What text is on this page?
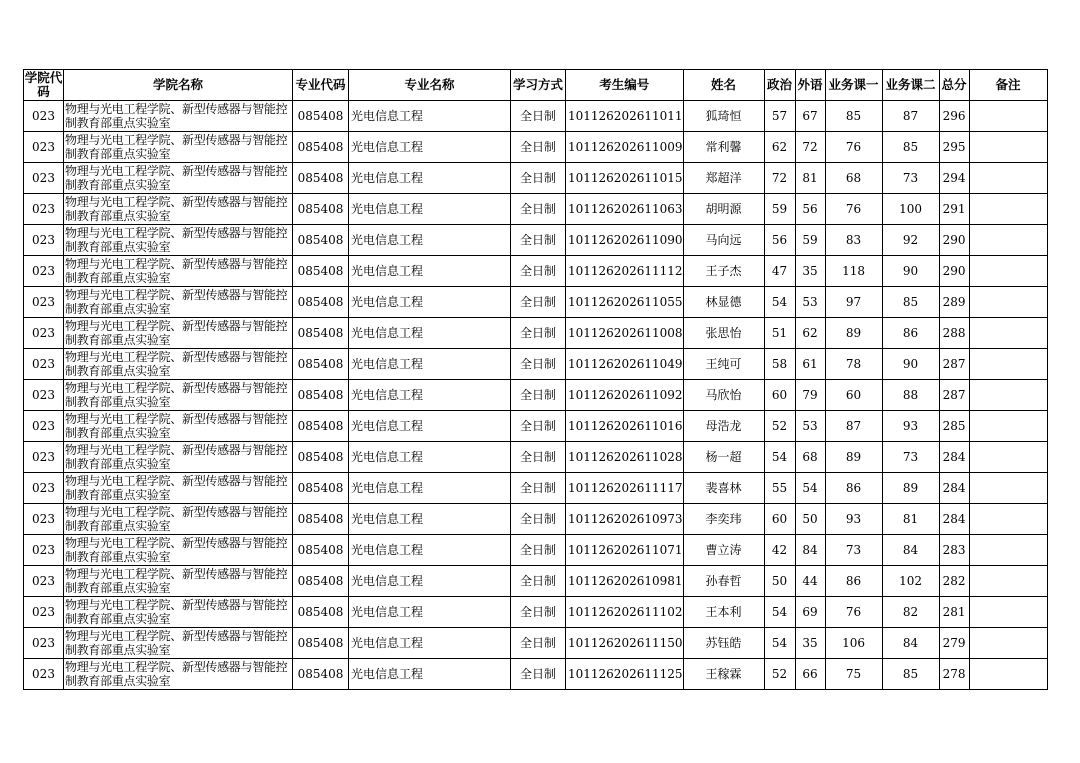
学院代码	学院名称	专业代码	专业名称	学习方式	考生编号	姓名	政治	外语	业务课一	业务课二	总分	备注
023	物理与光电工程学院、新型传感器与智能控制教育部重点实验室	085408	光电信息工程	全日制	101126202611011	狐琦恒	57	67	85	87	296	
023	物理与光电工程学院、新型传感器与智能控制教育部重点实验室	085408	光电信息工程	全日制	101126202611009	常利馨	62	72	76	85	295	
023	物理与光电工程学院、新型传感器与智能控制教育部重点实验室	085408	光电信息工程	全日制	101126202611015	郑超洋	72	81	68	73	294	
023	物理与光电工程学院、新型传感器与智能控制教育部重点实验室	085408	光电信息工程	全日制	101126202611063	胡明源	59	56	76	100	291	
023	物理与光电工程学院、新型传感器与智能控制教育部重点实验室	085408	光电信息工程	全日制	101126202611090	马向远	56	59	83	92	290	
023	物理与光电工程学院、新型传感器与智能控制教育部重点实验室	085408	光电信息工程	全日制	101126202611112	王子杰	47	35	118	90	290	
023	物理与光电工程学院、新型传感器与智能控制教育部重点实验室	085408	光电信息工程	全日制	101126202611055	林显德	54	53	97	85	289	
023	物理与光电工程学院、新型传感器与智能控制教育部重点实验室	085408	光电信息工程	全日制	101126202611008	张思怡	51	62	89	86	288	
023	物理与光电工程学院、新型传感器与智能控制教育部重点实验室	085408	光电信息工程	全日制	101126202611049	王纯可	58	61	78	90	287	
023	物理与光电工程学院、新型传感器与智能控制教育部重点实验室	085408	光电信息工程	全日制	101126202611092	马欣怡	60	79	60	88	287	
023	物理与光电工程学院、新型传感器与智能控制教育部重点实验室	085408	光电信息工程	全日制	101126202611016	母浩龙	52	53	87	93	285	
023	物理与光电工程学院、新型传感器与智能控制教育部重点实验室	085408	光电信息工程	全日制	101126202611028	杨一超	54	68	89	73	284	
023	物理与光电工程学院、新型传感器与智能控制教育部重点实验室	085408	光电信息工程	全日制	101126202611117	裴喜林	55	54	86	89	284	
023	物理与光电工程学院、新型传感器与智能控制教育部重点实验室	085408	光电信息工程	全日制	101126202610973	李奕玮	60	50	93	81	284	
023	物理与光电工程学院、新型传感器与智能控制教育部重点实验室	085408	光电信息工程	全日制	101126202611071	曹立涛	42	84	73	84	283	
023	物理与光电工程学院、新型传感器与智能控制教育部重点实验室	085408	光电信息工程	全日制	101126202610981	孙春哲	50	44	86	102	282	
023	物理与光电工程学院、新型传感器与智能控制教育部重点实验室	085408	光电信息工程	全日制	101126202611102	王本利	54	69	76	82	281	
023	物理与光电工程学院、新型传感器与智能控制教育部重点实验室	085408	光电信息工程	全日制	101126202611150	苏钰皓	54	35	106	84	279	
023	物理与光电工程学院、新型传感器与智能控制教育部重点实验室	085408	光电信息工程	全日制	101126202611125	王稼霖	52	66	75	85	278	
